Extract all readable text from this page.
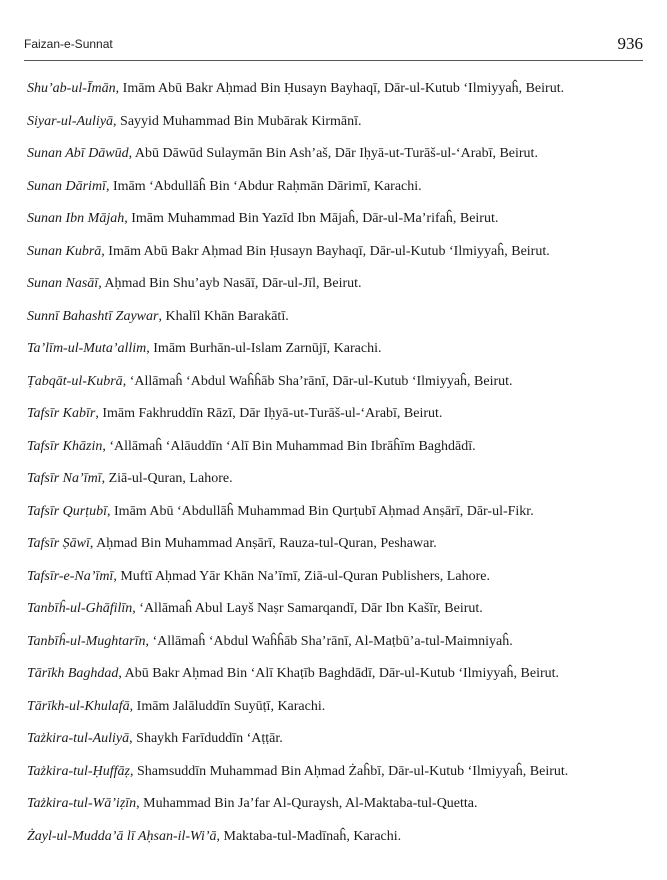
Faizan-e-Sunnat	936
Shu’ab-ul-Īmān, Imām Abū Bakr Aḥmad Bin Ḥusayn Bayhaqī, Dār-ul-Kutub ‘Ilmiyyaĥ, Beirut.
Siyar-ul-Auliyā, Sayyid Muhammad Bin Mubārak Kirmānī.
Sunan Abī Dāwūd, Abū Dāwūd Sulaymān Bin Ash’aš, Dār Iḥyā-ut-Turāš-ul-‘Arabī, Beirut.
Sunan Dārimī, Imām ‘Abdullāĥ Bin ‘Abdur Raḥmān Dārimī, Karachi.
Sunan Ibn Mājah, Imām Muhammad Bin Yazīd Ibn Mājaĥ, Dār-ul-Ma’rifaĥ, Beirut.
Sunan Kubrā, Imām Abū Bakr Aḥmad Bin Ḥusayn Bayhaqī, Dār-ul-Kutub ‘Ilmiyyaĥ, Beirut.
Sunan Nasāī, Aḥmad Bin Shu’ayb Nasāī, Dār-ul-Jīl, Beirut.
Sunnī Bahashtī Zaywar, Khalīl Khān Barakātī.
Ta’līm-ul-Muta’allim, Imām Burhān-ul-Islam Zarnūjī, Karachi.
Ṭabqāt-ul-Kubrā, ‘Allāmaĥ ‘Abdul Waĥĥāb Sha’rānī, Dār-ul-Kutub ‘Ilmiyyaĥ, Beirut.
Tafsīr Kabīr, Imām Fakhruddīn Rāzī, Dār Iḥyā-ut-Turāš-ul-‘Arabī, Beirut.
Tafsīr Khāzin, ‘Allāmaĥ ‘Alāuddīn ‘Alī Bin Muhammad Bin Ibrāĥīm Baghdādī.
Tafsīr Na’īmī, Ziā-ul-Quran, Lahore.
Tafsīr Qurṭubī, Imām Abū ‘Abdullāĥ Muhammad Bin Qurṭubī Aḥmad Anṣārī, Dār-ul-Fikr.
Tafsīr Ṣāwī, Aḥmad Bin Muhammad Anṣārī, Rauza-tul-Quran, Peshawar.
Tafsīr-e-Na’īmī, Muftī Aḥmad Yār Khān Na’īmī, Ziā-ul-Quran Publishers, Lahore.
Tanbīĥ-ul-Ghāfilīn, ‘Allāmaĥ Abul Layš Naṣr Samarqandī, Dār Ibn Kašīr, Beirut.
Tanbīĥ-ul-Mughtarīn, ‘Allāmaĥ ‘Abdul Waĥĥāb Sha’rānī, Al-Maṭbū’a-tul-Maimniyaĥ.
Tārīkh Baghdad, Abū Bakr Aḥmad Bin ‘Alī Khaṭīb Baghdādī, Dār-ul-Kutub ‘Ilmiyyaĥ, Beirut.
Tārīkh-ul-Khulafā, Imām Jalāluddīn Suyūṭī, Karachi.
Tażkira-tul-Auliyā, Shaykh Farīduddīn ‘Aṭṭār.
Tażkira-tul-Ḥuffāẓ, Shamsuddīn Muhammad Bin Aḥmad Żaĥbī, Dār-ul-Kutub ‘Ilmiyyaĥ, Beirut.
Tażkira-tul-Wā’iẓīn, Muhammad Bin Ja’far Al-Quraysh, Al-Maktaba-tul-Quetta.
Żayl-ul-Mudda’ā lī Aḥsan-il-Wi’ā, Maktaba-tul-Madīnaĥ, Karachi.
